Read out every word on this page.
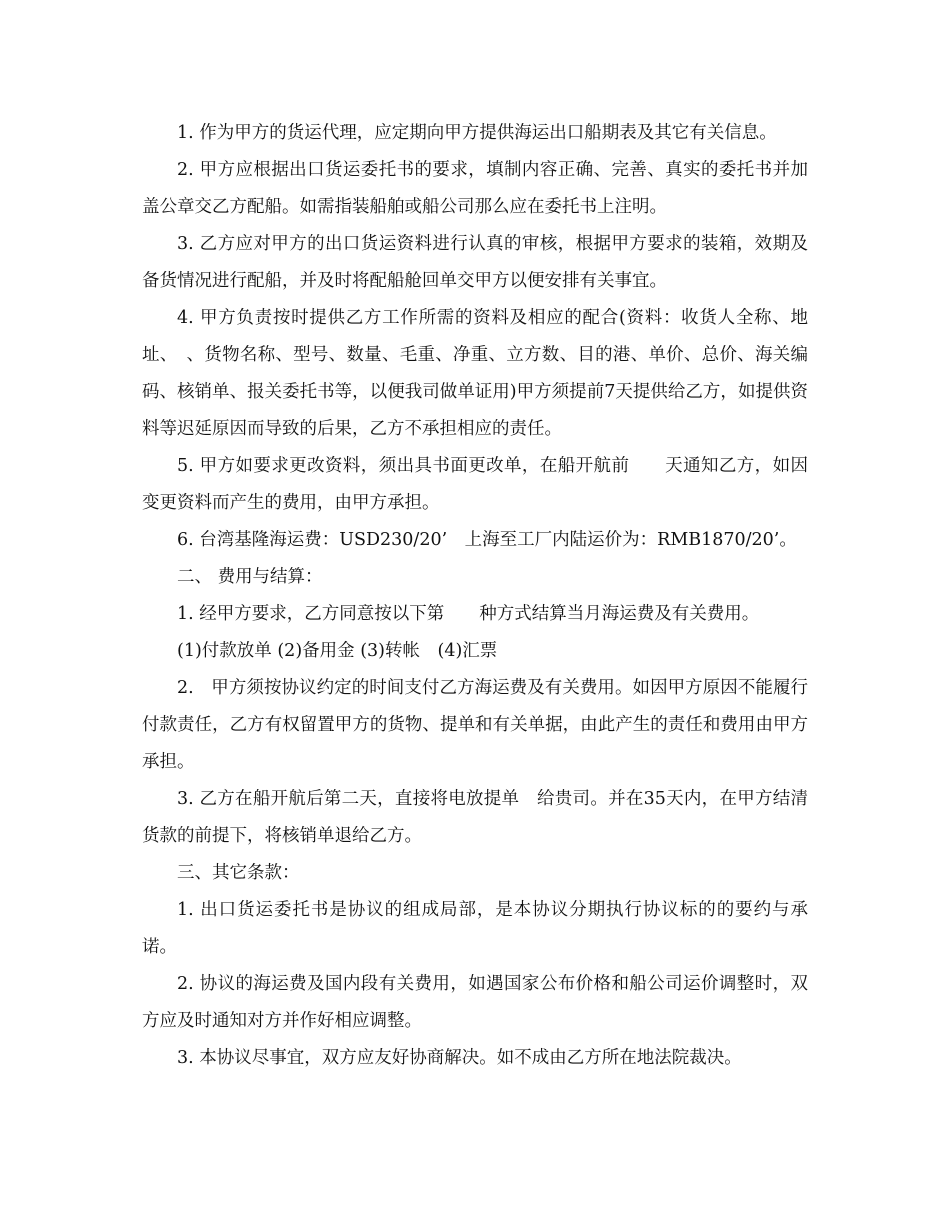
1. 作为甲方的货运代理，应定期向甲方提供海运出口船期表及其它有关信息。

2. 甲方应根据出口货运委托书的要求，填制内容正确、完善、真实的委托书并加盖公章交乙方配船。如需指装船舶或船公司那么应在委托书上注明。

3. 乙方应对甲方的出口货运资料进行认真的审核，根据甲方要求的装箱，效期及备货情况进行配船，并及时将配船舱回单交甲方以便安排有关事宜。

4. 甲方负责按时提供乙方工作所需的资料及相应的配合(资料：收货人全称、地址、　、货物名称、型号、数量、毛重、净重、立方数、目的港、单价、总价、海关编码、核销单、报关委托书等，以便我司做单证用)甲方须提前7天提供给乙方，如提供资料等迟延原因而导致的后果，乙方不承担相应的责任。

5. 甲方如要求更改资料，须出具书面更改单，在船开航前　　天通知乙方，如因变更资料而产生的费用，由甲方承担。

6. 台湾基隆海运费：USD230/20’　上海至工厂内陆运价为：RMB1870/20’。

二、 费用与结算：

1. 经甲方要求，乙方同意按以下第　　种方式结算当月海运费及有关费用。

(1)付款放单 (2)备用金 (3)转帐　(4)汇票

2.　甲方须按协议约定的时间支付乙方海运费及有关费用。如因甲方原因不能履行付款责任，乙方有权留置甲方的货物、提单和有关单据，由此产生的责任和费用由甲方承担。

3. 乙方在船开航后第二天，直接将电放提单　给贵司。并在35天内，在甲方结清货款的前提下，将核销单退给乙方。

三、其它条款：

1. 出口货运委托书是协议的组成局部，是本协议分期执行协议标的的要约与承诺。

2. 协议的海运费及国内段有关费用，如遇国家公布价格和船公司运价调整时，双方应及时通知对方并作好相应调整。

3. 本协议尽事宜，双方应友好协商解决。如不成由乙方所在地法院裁决。
